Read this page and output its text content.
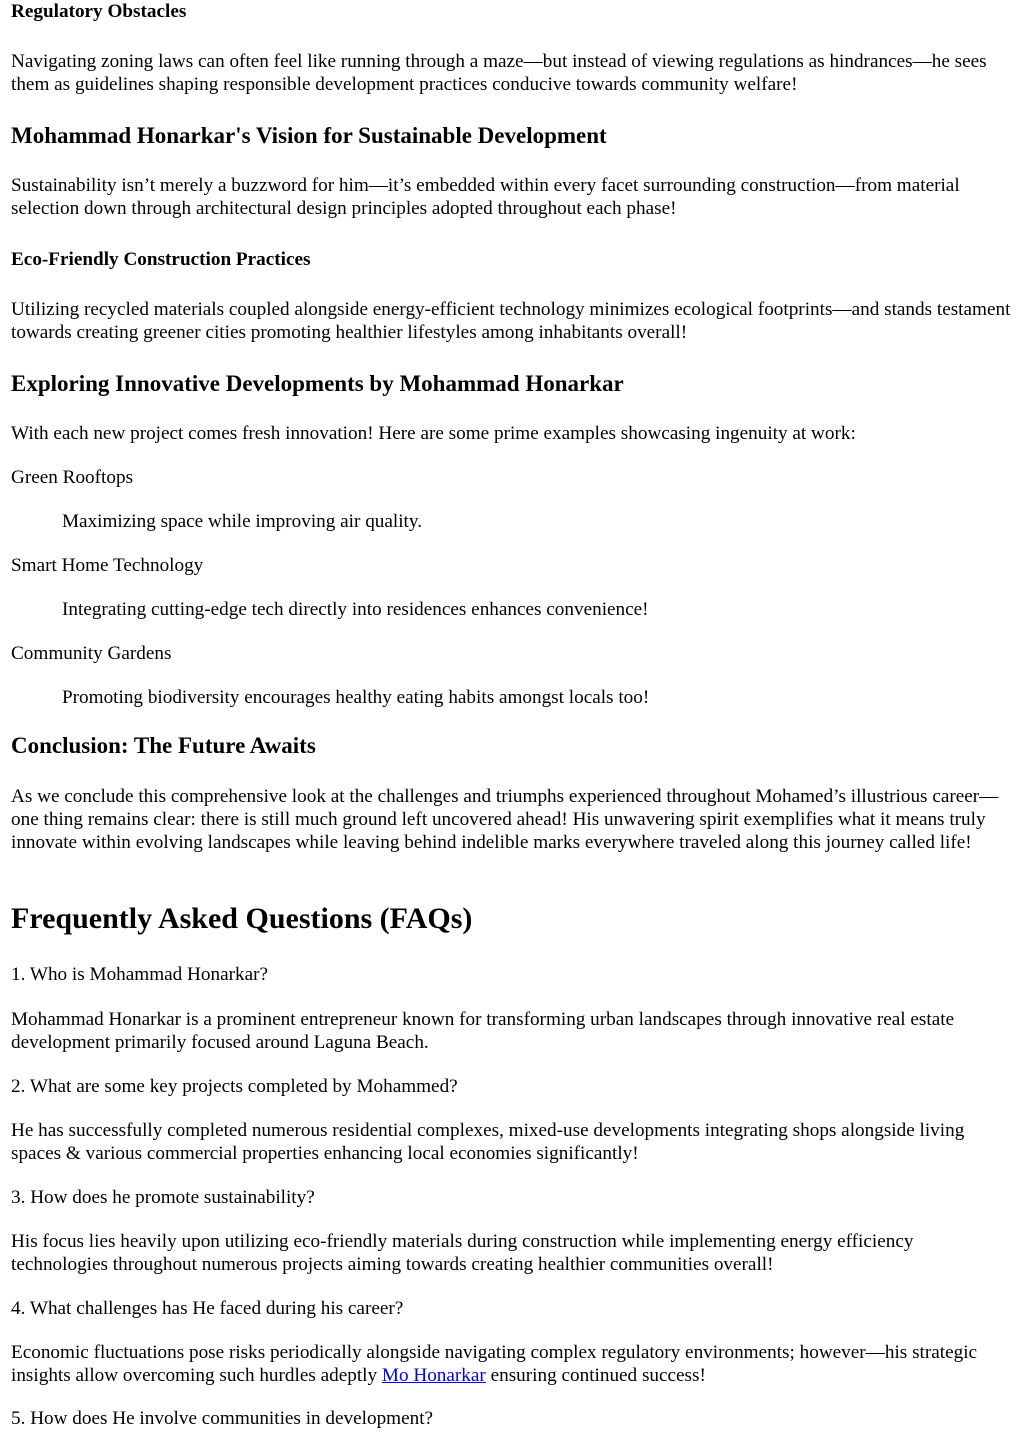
Regulatory Obstacles

Navigating zoning laws can often feel like running through a maze—but instead of viewing regulations as hindrances—he sees them as guidelines shaping responsible development practices conducive towards community welfare!

Mohammad Honarkar's Vision for Sustainable Development

Sustainability isn’t merely a buzzword for him—it’s embedded within every facet surrounding construction—from material selection down through architectural design principles adopted throughout each phase!

Eco-Friendly Construction Practices

Utilizing recycled materials coupled alongside energy-efficient technology minimizes ecological footprints—and stands testament towards creating greener cities promoting healthier lifestyles among inhabitants overall!

Exploring Innovative Developments by Mohammad Honarkar

With each new project comes fresh innovation! Here are some prime examples showcasing ingenuity at work:

Green Rooftops
Maximizing space while improving air quality.
Smart Home Technology
Integrating cutting-edge tech directly into residences enhances convenience!
Community Gardens
Promoting biodiversity encourages healthy eating habits amongst locals too!
Conclusion: The Future Awaits

As we conclude this comprehensive look at the challenges and triumphs experienced throughout Mohamed’s illustrious career—one thing remains clear: there is still much ground left uncovered ahead! His unwavering spirit exemplifies what it means truly innovate within evolving landscapes while leaving behind indelible marks everywhere traveled along this journey called life!

Frequently Asked Questions (FAQs)

1. Who is Mohammad Honarkar?

Mohammad Honarkar is a prominent entrepreneur known for transforming urban landscapes through innovative real estate development primarily focused around Laguna Beach.

2. What are some key projects completed by Mohammed?

He has successfully completed numerous residential complexes, mixed-use developments integrating shops alongside living spaces & various commercial properties enhancing local economies significantly!

3. How does he promote sustainability?

His focus lies heavily upon utilizing eco-friendly materials during construction while implementing energy efficiency technologies throughout numerous projects aiming towards creating healthier communities overall!

4. What challenges has He faced during his career?

Economic fluctuations pose risks periodically alongside navigating complex regulatory environments; however—his strategic insights allow overcoming such hurdles adeptly Mo Honarkar ensuring continued success!

5. How does He involve communities in development?
